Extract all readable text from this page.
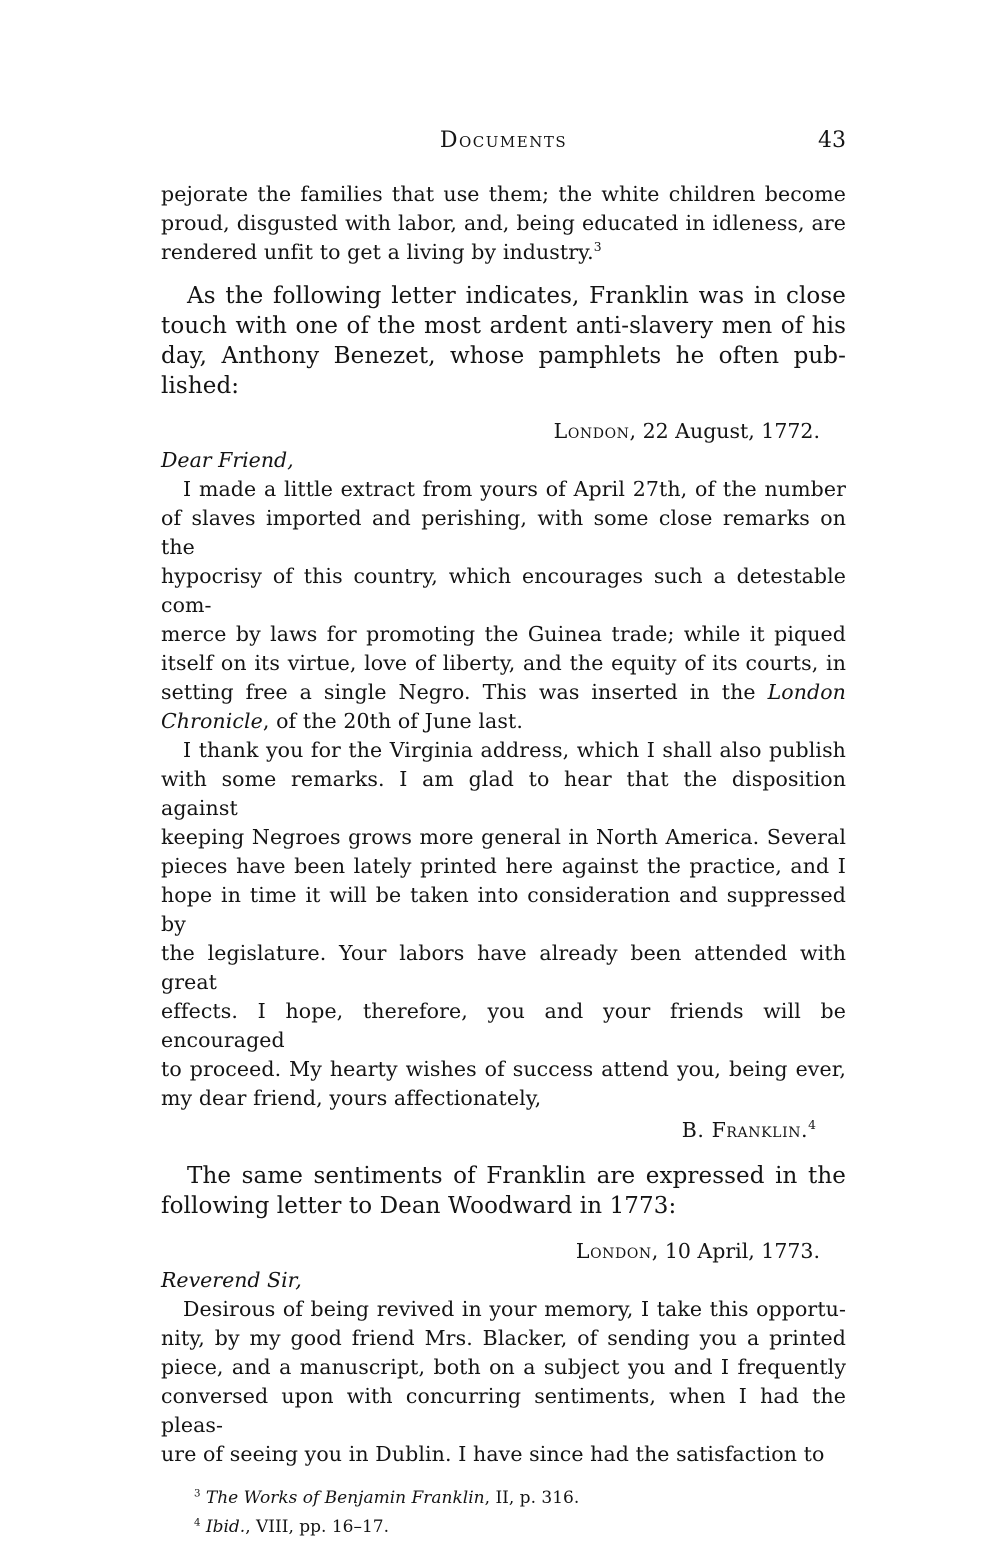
Documents	43
pejorate the families that use them; the white children become
proud, disgusted with labor, and, being educated in idleness, are
rendered unfit to get a living by industry.$^3$
As the following letter indicates, Franklin was in close
touch with one of the most ardent anti-slavery men of his
day, Anthony Benezet, whose pamphlets he often pub-
lished:
London, 22 August, 1772.
Dear Friend,
I made a little extract from yours of April 27th, of the number
of slaves imported and perishing, with some close remarks on the
hypocrisy of this country, which encourages such a detestable com-
merce by laws for promoting the Guinea trade; while it piqued
itself on its virtue, love of liberty, and the equity of its courts, in
setting free a single Negro. This was inserted in the London
Chronicle, of the 20th of June last.
I thank you for the Virginia address, which I shall also publish
with some remarks. I am glad to hear that the disposition against
keeping Negroes grows more general in North America. Several
pieces have been lately printed here against the practice, and I
hope in time it will be taken into consideration and suppressed by
the legislature. Your labors have already been attended with great
effects. I hope, therefore, you and your friends will be encouraged
to proceed. My hearty wishes of success attend you, being ever,
my dear friend, yours affectionately,
B. Franklin.$^4$
The same sentiments of Franklin are expressed in the
following letter to Dean Woodward in 1773:
London, 10 April, 1773.
Reverend Sir,
Desirous of being revived in your memory, I take this opportu-
nity, by my good friend Mrs. Blacker, of sending you a printed
piece, and a manuscript, both on a subject you and I frequently
conversed upon with concurring sentiments, when I had the pleas-
ure of seeing you in Dublin. I have since had the satisfaction to
$^3$ The Works of Benjamin Franklin, II, p. 316.
$^4$ Ibid., VIII, pp. 16–17.
